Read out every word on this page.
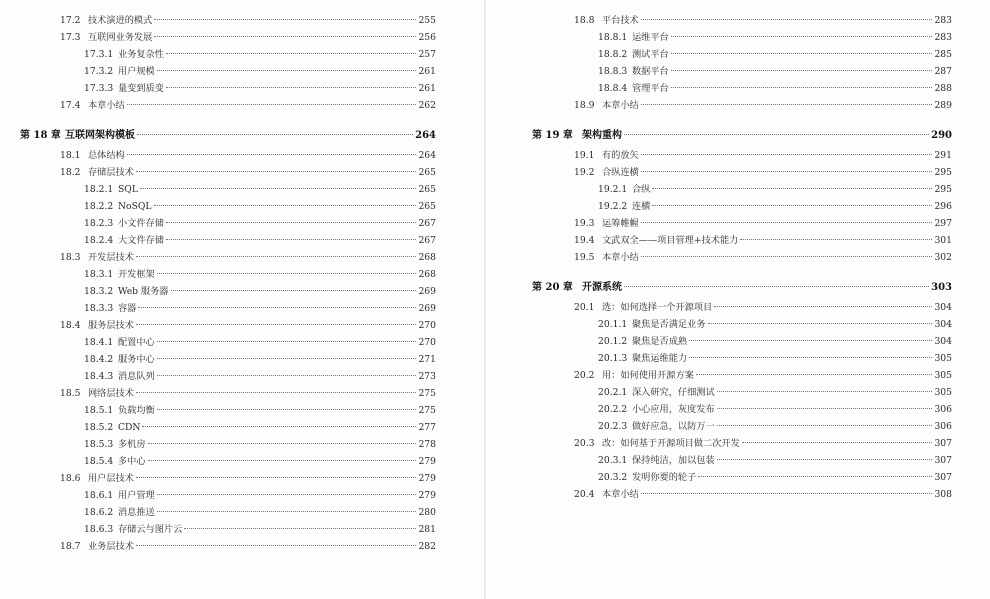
17.2 技术演进的模式	255
17.3 互联网业务发展	256
17.3.1 业务复杂性	257
17.3.2 用户规模	261
17.3.3 量变到质变	261
17.4 本章小结	262
第 18 章 互联网架构模板	264
18.1 总体结构	264
18.2 存储层技术	265
18.2.1 SQL	265
18.2.2 NoSQL	265
18.2.3 小文件存储	267
18.2.4 大文件存储	267
18.3 开发层技术	268
18.3.1 开发框架	268
18.3.2 Web 服务器	269
18.3.3 容器	269
18.4 服务层技术	270
18.4.1 配置中心	270
18.4.2 服务中心	271
18.4.3 消息队列	273
18.5 网络层技术	275
18.5.1 负载均衡	275
18.5.2 CDN	277
18.5.3 多机房	278
18.5.4 多中心	279
18.6 用户层技术	279
18.6.1 用户管理	279
18.6.2 消息推送	280
18.6.3 存储云与图片云	281
18.7 业务层技术	282
18.8 平台技术	283
18.8.1 运维平台	283
18.8.2 测试平台	285
18.8.3 数据平台	287
18.8.4 管理平台	288
18.9 本章小结	289
第 19 章 架构重构	290
19.1 有的放矢	291
19.2 合纵连横	295
19.2.1 合纵	295
19.2.2 连横	296
19.3 运筹帷幄	297
19.4 文武双全——项目管理+技术能力	301
19.5 本章小结	302
第 20 章 开源系统	303
20.1 选：如何选择一个开源项目	304
20.1.1 聚焦是否满足业务	304
20.1.2 聚焦是否成熟	304
20.1.3 聚焦运维能力	305
20.2 用：如何使用开源方案	305
20.2.1 深入研究，仔细测试	305
20.2.2 小心应用，灰度发布	306
20.2.3 做好应急，以防万一	306
20.3 改：如何基于开源项目做二次开发	307
20.3.1 保持纯洁，加以包装	307
20.3.2 发明你要的轮子	307
20.4 本章小结	308
